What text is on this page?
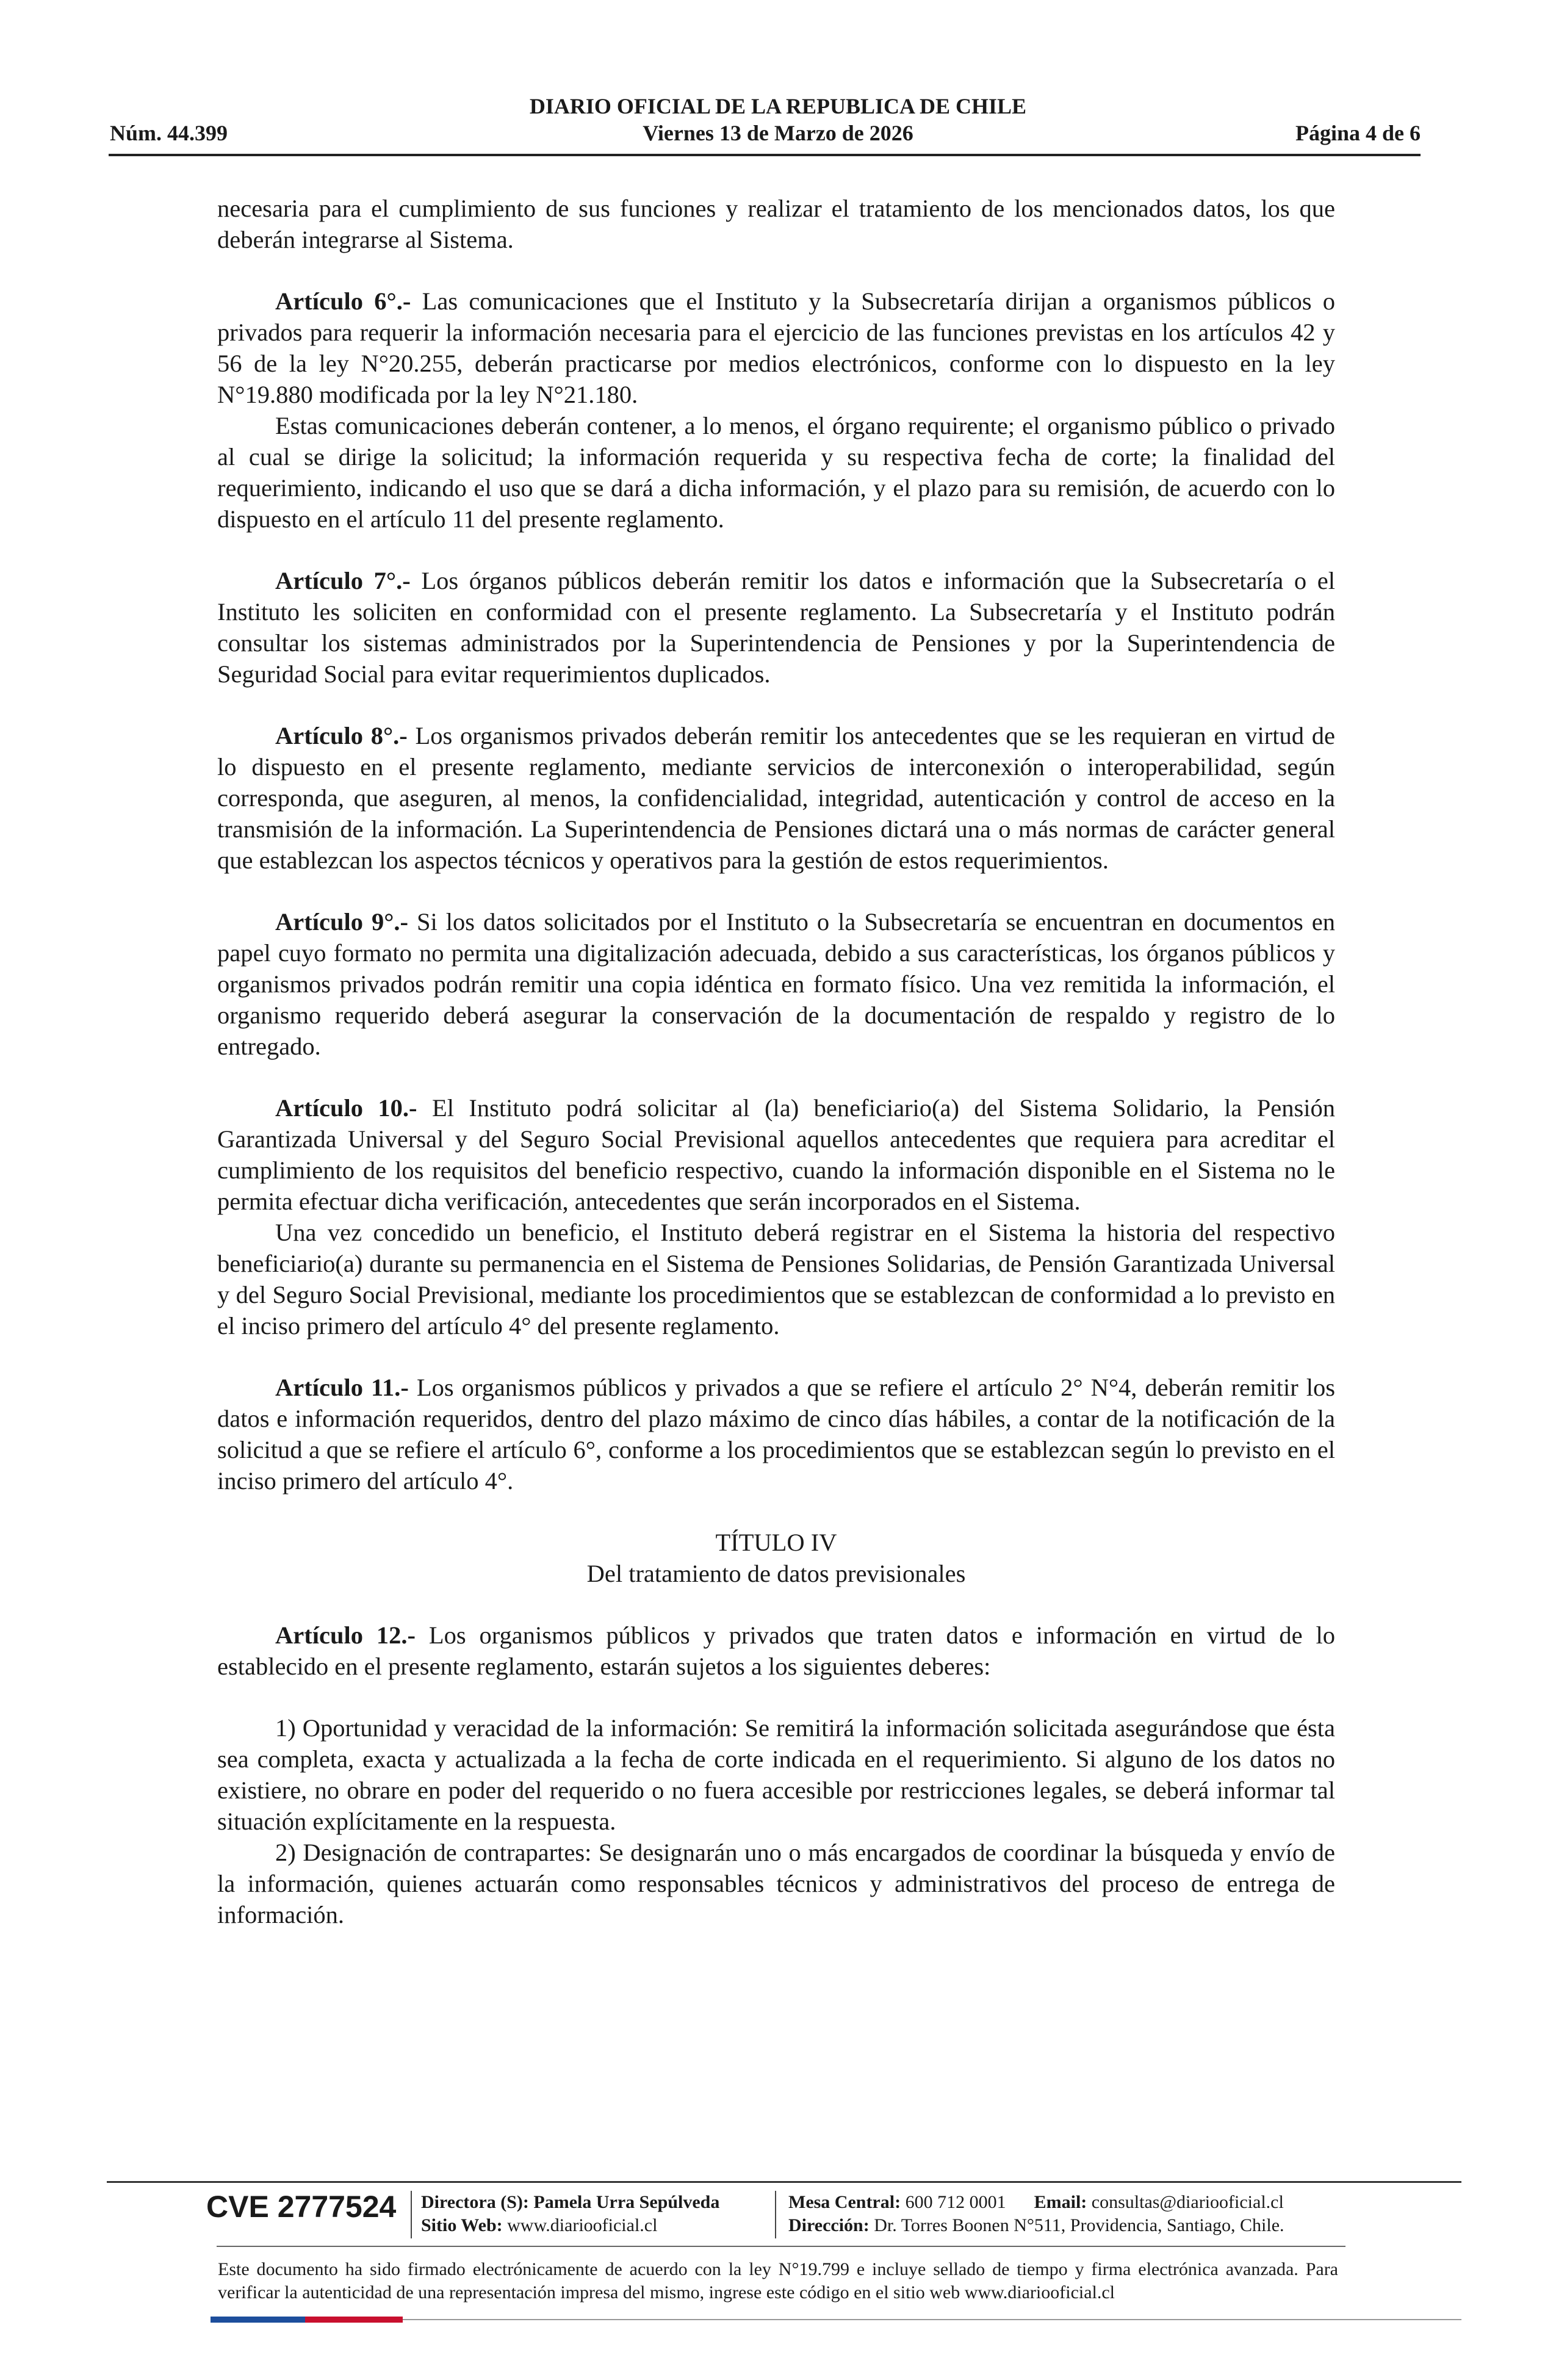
DIARIO OFICIAL DE LA REPUBLICA DE CHILE
Viernes 13 de Marzo de 2026
Núm. 44.399	Página 4 de 6

necesaria para el cumplimiento de sus funciones y realizar el tratamiento de los mencionados datos, los que deberán integrarse al Sistema.

Artículo 6°.- Las comunicaciones que el Instituto y la Subsecretaría dirijan a organismos públicos o privados para requerir la información necesaria para el ejercicio de las funciones previstas en los artículos 42 y 56 de la ley N°20.255, deberán practicarse por medios electrónicos, conforme con lo dispuesto en la ley N°19.880 modificada por la ley N°21.180.

Estas comunicaciones deberán contener, a lo menos, el órgano requirente; el organismo público o privado al cual se dirige la solicitud; la información requerida y su respectiva fecha de corte; la finalidad del requerimiento, indicando el uso que se dará a dicha información, y el plazo para su remisión, de acuerdo con lo dispuesto en el artículo 11 del presente reglamento.

Artículo 7°.- Los órganos públicos deberán remitir los datos e información que la Subsecretaría o el Instituto les soliciten en conformidad con el presente reglamento. La Subsecretaría y el Instituto podrán consultar los sistemas administrados por la Superintendencia de Pensiones y por la Superintendencia de Seguridad Social para evitar requerimientos duplicados.

Artículo 8°.- Los organismos privados deberán remitir los antecedentes que se les requieran en virtud de lo dispuesto en el presente reglamento, mediante servicios de interconexión o interoperabilidad, según corresponda, que aseguren, al menos, la confidencialidad, integridad, autenticación y control de acceso en la transmisión de la información. La Superintendencia de Pensiones dictará una o más normas de carácter general que establezcan los aspectos técnicos y operativos para la gestión de estos requerimientos.

Artículo 9°.- Si los datos solicitados por el Instituto o la Subsecretaría se encuentran en documentos en papel cuyo formato no permita una digitalización adecuada, debido a sus características, los órganos públicos y organismos privados podrán remitir una copia idéntica en formato físico. Una vez remitida la información, el organismo requerido deberá asegurar la conservación de la documentación de respaldo y registro de lo entregado.

Artículo 10.- El Instituto podrá solicitar al (la) beneficiario(a) del Sistema Solidario, la Pensión Garantizada Universal y del Seguro Social Previsional aquellos antecedentes que requiera para acreditar el cumplimiento de los requisitos del beneficio respectivo, cuando la información disponible en el Sistema no le permita efectuar dicha verificación, antecedentes que serán incorporados en el Sistema.

Una vez concedido un beneficio, el Instituto deberá registrar en el Sistema la historia del respectivo beneficiario(a) durante su permanencia en el Sistema de Pensiones Solidarias, de Pensión Garantizada Universal y del Seguro Social Previsional, mediante los procedimientos que se establezcan de conformidad a lo previsto en el inciso primero del artículo 4° del presente reglamento.

Artículo 11.- Los organismos públicos y privados a que se refiere el artículo 2° N°4, deberán remitir los datos e información requeridos, dentro del plazo máximo de cinco días hábiles, a contar de la notificación de la solicitud a que se refiere el artículo 6°, conforme a los procedimientos que se establezcan según lo previsto en el inciso primero del artículo 4°.

TÍTULO IV
Del tratamiento de datos previsionales

Artículo 12.- Los organismos públicos y privados que traten datos e información en virtud de lo establecido en el presente reglamento, estarán sujetos a los siguientes deberes:

1) Oportunidad y veracidad de la información: Se remitirá la información solicitada asegurándose que ésta sea completa, exacta y actualizada a la fecha de corte indicada en el requerimiento. Si alguno de los datos no existiere, no obrare en poder del requerido o no fuera accesible por restricciones legales, se deberá informar tal situación explícitamente en la respuesta.

2) Designación de contrapartes: Se designarán uno o más encargados de coordinar la búsqueda y envío de la información, quienes actuarán como responsables técnicos y administrativos del proceso de entrega de información.

CVE 2777524 Directora (S): Pamela Urra Sepúlveda
Sitio Web: www.diariooficial.cl
Mesa Central: 600 712 0001 Email: consultas@diariooficial.cl
Dirección: Dr. Torres Boonen N°511, Providencia, Santiago, Chile.
Este documento ha sido firmado electrónicamente de acuerdo con la ley N°19.799 e incluye sellado de tiempo y firma electrónica avanzada. Para verificar la autenticidad de una representación impresa del mismo, ingrese este código en el sitio web www.diariooficial.cl
